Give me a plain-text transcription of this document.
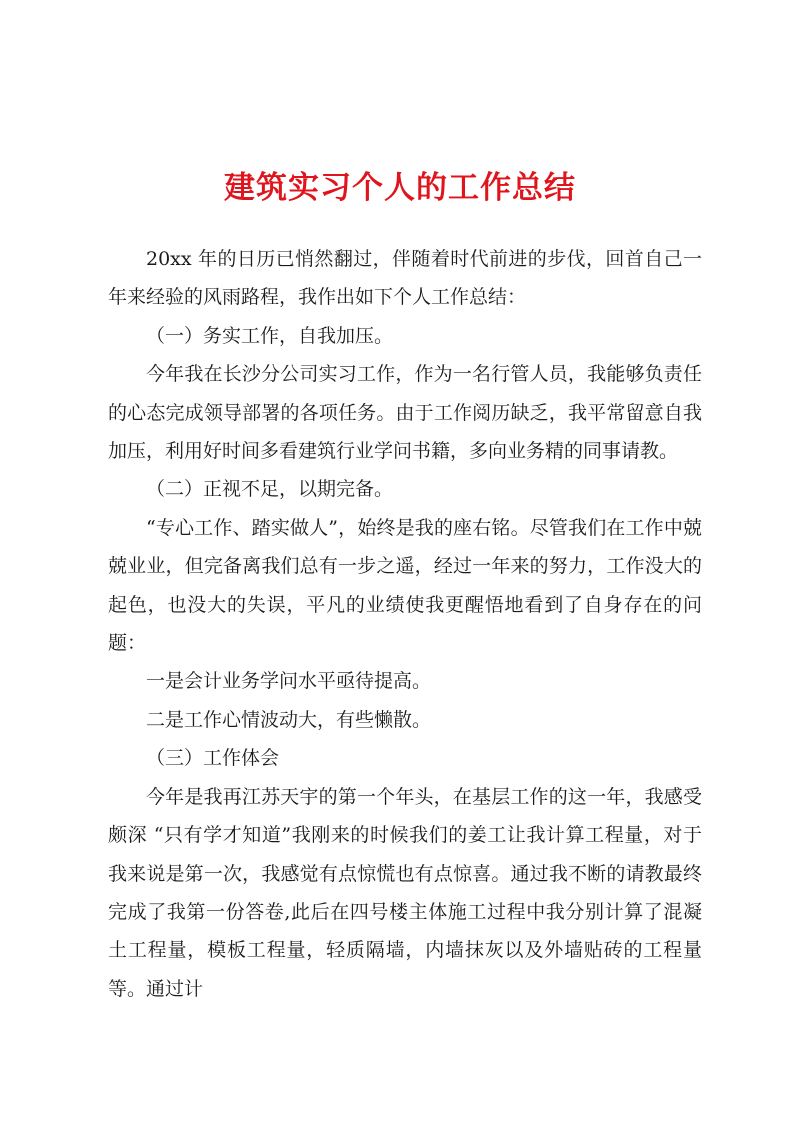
建筑实习个人的工作总结

20xx 年的日历已悄然翻过，伴随着时代前进的步伐，回首自己一年来经验的风雨路程，我作出如下个人工作总结：

（一）务实工作，自我加压。

今年我在长沙分公司实习工作，作为一名行管人员，我能够负责任的心态完成领导部署的各项任务。由于工作阅历缺乏，我平常留意自我加压，利用好时间多看建筑行业学问书籍，多向业务精的同事请教。

（二）正视不足，以期完备。

“专心工作、踏实做人”，始终是我的座右铭。尽管我们在工作中兢兢业业，但完备离我们总有一步之遥，经过一年来的努力，工作没大的起色，也没大的失误，平凡的业绩使我更醒悟地看到了自身存在的问题：

一是会计业务学问水平亟待提高。

二是工作心情波动大，有些懒散。

（三）工作体会

今年是我再江苏天宇的第一个年头，在基层工作的这一年，我感受颇深 “只有学才知道”我刚来的时候我们的姜工让我计算工程量，对于我来说是第一次，我感觉有点惊慌也有点惊喜。通过我不断的请教最终完成了我第一份答卷,此后在四号楼主体施工过程中我分别计算了混凝土工程量，模板工程量，轻质隔墙，内墙抹灰以及外墙贴砖的工程量等。通过计
